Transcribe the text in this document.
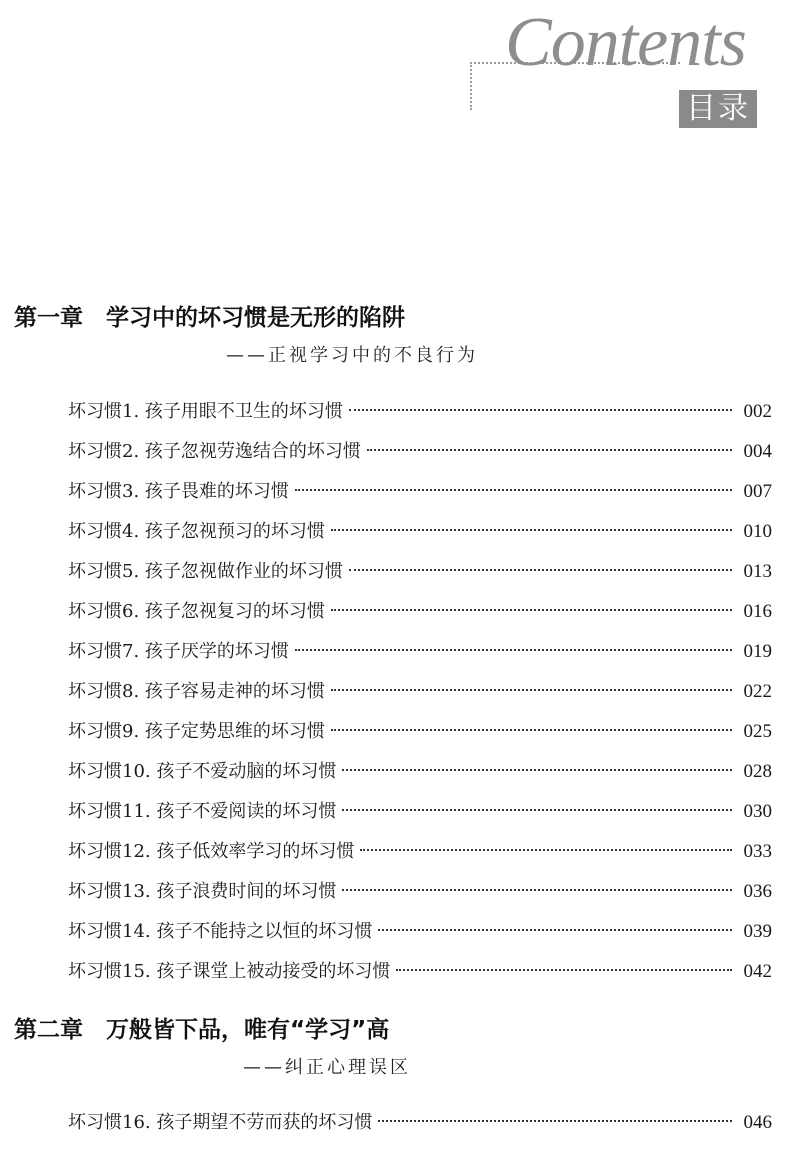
Contents
目录
第一章　学习中的坏习惯是无形的陷阱
——正视学习中的不良行为
坏习惯1. 孩子用眼不卫生的坏习惯	002
坏习惯2. 孩子忽视劳逸结合的坏习惯	004
坏习惯3. 孩子畏难的坏习惯	007
坏习惯4. 孩子忽视预习的坏习惯	010
坏习惯5. 孩子忽视做作业的坏习惯	013
坏习惯6. 孩子忽视复习的坏习惯	016
坏习惯7. 孩子厌学的坏习惯	019
坏习惯8. 孩子容易走神的坏习惯	022
坏习惯9. 孩子定势思维的坏习惯	025
坏习惯10. 孩子不爱动脑的坏习惯	028
坏习惯11. 孩子不爱阅读的坏习惯	030
坏习惯12. 孩子低效率学习的坏习惯	033
坏习惯13. 孩子浪费时间的坏习惯	036
坏习惯14. 孩子不能持之以恒的坏习惯	039
坏习惯15. 孩子课堂上被动接受的坏习惯	042
第二章　万般皆下品，唯有“学习”高
——纠正心理误区
坏习惯16. 孩子期望不劳而获的坏习惯	046
